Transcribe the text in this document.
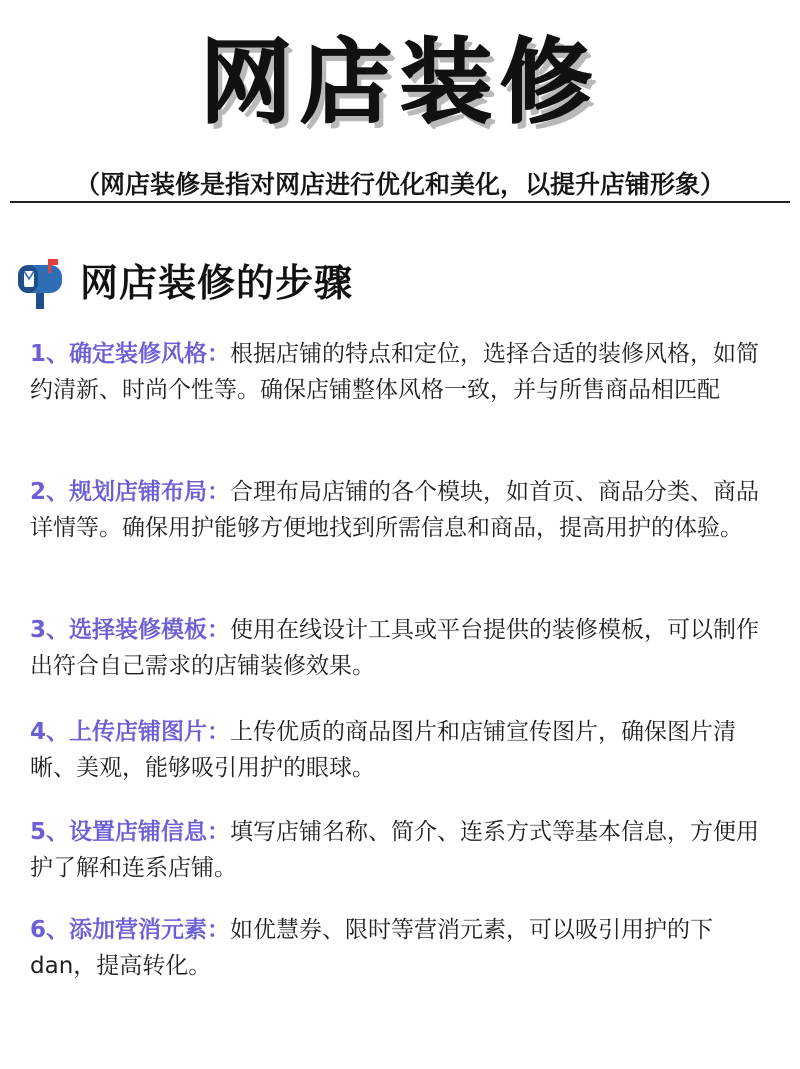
网店装修
（网店装修是指对网店进行优化和美化，以提升店铺形象）
网店装修的步骤
1、确定装修风格：根据店铺的特点和定位，选择合适的装修风格，如简约清新、时尚个性等。确保店铺整体风格一致，并与所售商品相匹配
2、规划店铺布局：合理布局店铺的各个模块，如首页、商品分类、商品详情等。确保用护能够方便地找到所需信息和商品，提高用护的体验。
3、选择装修模板：使用在线设计工具或平台提供的装修模板，可以制作出符合自己需求的店铺装修效果。
4、上传店铺图片：上传优质的商品图片和店铺宣传图片，确保图片清晰、美观，能够吸引用护的眼球。
5、设置店铺信息：填写店铺名称、简介、连系方式等基本信息，方便用护了解和连系店铺。
6、添加营消元素：如优慧券、限时等营消元素，可以吸引用护的下dan，提高转化。
